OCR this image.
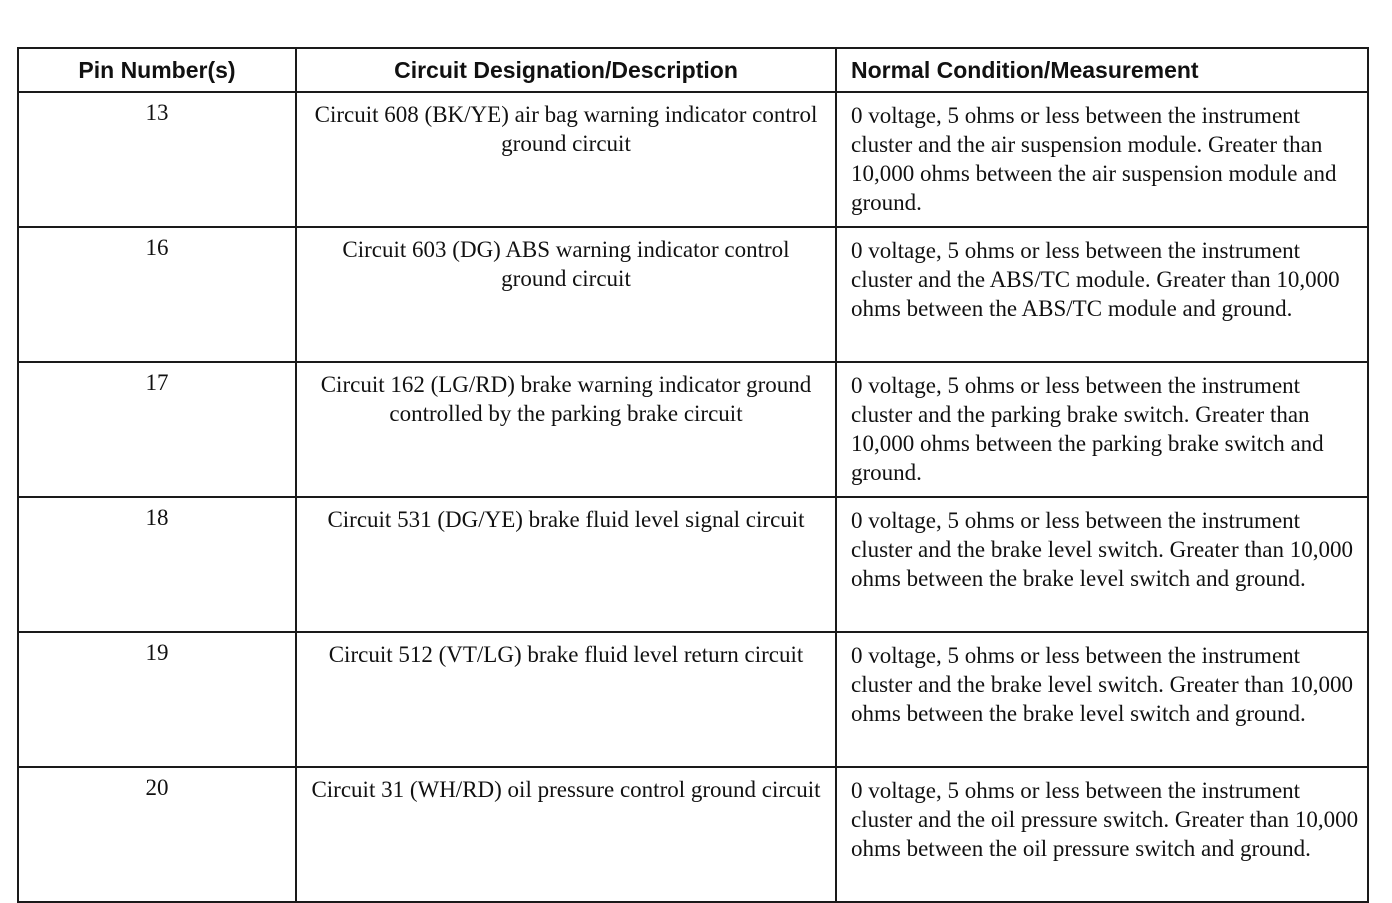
Pin Number(s)	Circuit Designation/Description	Normal Condition/Measurement
13	Circuit 608 (BK/YE) air bag warning indicator control ground circuit	0 voltage, 5 ohms or less between the instrument cluster and the air suspension module. Greater than 10,000 ohms between the air suspension module and ground.
16	Circuit 603 (DG) ABS warning indicator control ground circuit	0 voltage, 5 ohms or less between the instrument cluster and the ABS/TC module. Greater than 10,000 ohms between the ABS/TC module and ground.
17	Circuit 162 (LG/RD) brake warning indicator ground controlled by the parking brake circuit	0 voltage, 5 ohms or less between the instrument cluster and the parking brake switch. Greater than 10,000 ohms between the parking brake switch and ground.
18	Circuit 531 (DG/YE) brake fluid level signal circuit	0 voltage, 5 ohms or less between the instrument cluster and the brake level switch. Greater than 10,000 ohms between the brake level switch and ground.
19	Circuit 512 (VT/LG) brake fluid level return circuit	0 voltage, 5 ohms or less between the instrument cluster and the brake level switch. Greater than 10,000 ohms between the brake level switch and ground.
20	Circuit 31 (WH/RD) oil pressure control ground circuit	0 voltage, 5 ohms or less between the instrument cluster and the oil pressure switch. Greater than 10,000 ohms between the oil pressure switch and ground.
